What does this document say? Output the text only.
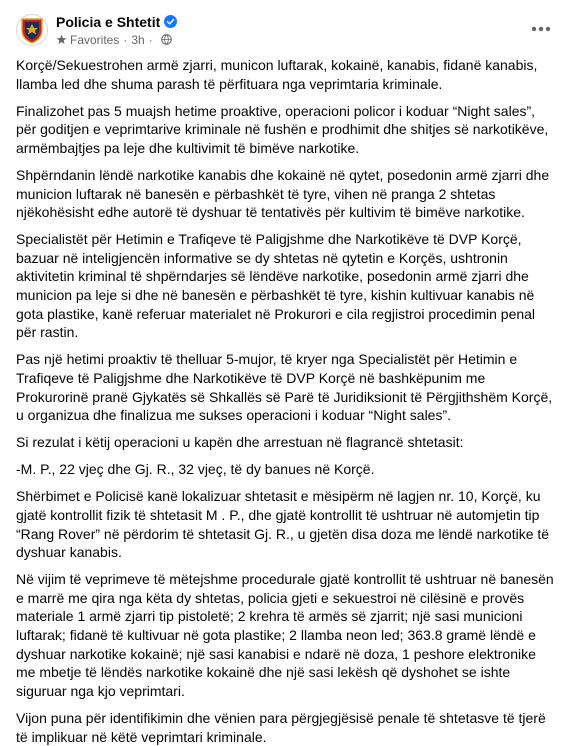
Policia e Shtetit
Favorites · 3h ·

Korçë/Sekuestrohen armë zjarri, municon luftarak, kokainë, kanabis, fidanë kanabis, llamba led dhe shuma parash të përfituara nga veprimtaria kriminale.

Finalizohet pas 5 muajsh hetime proaktive, operacioni policor i koduar “Night sales”, për goditjen e veprimtarive kriminale në fushën e prodhimit dhe shitjes së narkotikëve, armëmbajtjes pa leje dhe kultivimit të bimëve narkotike.

Shpërndanin lëndë narkotike kanabis dhe kokainë në qytet, posedonin armë zjarri dhe municion luftarak në banesën e përbashkët të tyre, vihen në pranga 2 shtetas njëkohësisht edhe autorë të dyshuar të tentativës për kultivim të bimëve narkotike.

Specialistët për Hetimin e Trafiqeve të Paligjshme dhe Narkotikëve të DVP Korçë, bazuar në inteligjencën informative se dy shtetas në qytetin e Korçës, ushtronin aktivitetin kriminal të shpërndarjes së lëndëve narkotike, posedonin armë zjarri dhe municion pa leje si dhe në banesën e përbashkët të tyre, kishin kultivuar kanabis në gota plastike, kanë referuar materialet në Prokurori e cila regjistroi procedimin penal për rastin.

Pas një hetimi proaktiv të thelluar 5-mujor, të kryer nga Specialistët për Hetimin e Trafiqeve të Paligjshme dhe Narkotikëve të DVP Korçë në bashkëpunim me Prokurorinë pranë Gjykatës së Shkallës së Parë të Juridiksionit të Përgjithshëm Korçë, u organizua dhe finalizua me sukses operacioni i koduar “Night sales”.

Si rezulat i këtij operacioni u kapën dhe arrestuan në flagrancë shtetasit:

-M. P., 22 vjeç dhe Gj. R., 32 vjeç, të dy banues në Korçë.

Shërbimet e Policisë kanë lokalizuar shtetasit e mësipërm në lagjen nr. 10, Korçë, ku gjatë kontrollit fizik të shtetasit M . P., dhe gjatë kontrollit të ushtruar në automjetin tip “Rang Rover” në përdorim të shtetasit Gj. R., u gjetën disa doza me lëndë narkotike të dyshuar kanabis.

Në vijim të veprimeve të mëtejshme procedurale gjatë kontrollit të ushtruar në banesën e marrë me qira nga këta dy shtetas, policia gjeti e sekuestroi në cilësinë e provës materiale 1 armë zjarri tip pistoletë; 2 krehra të armës së zjarrit; një sasi municioni luftarak; fidanë të kultivuar në gota plastike; 2 llamba neon led; 363.8 gramë lëndë e dyshuar narkotike kokainë; një sasi kanabisi e ndarë në doza, 1 peshore elektronike me mbetje të lëndës narkotike kokainë dhe një sasi lekësh që dyshohet se ishte siguruar nga kjo veprimtari.

Vijon puna për identifikimin dhe vënien para përgjegjësisë penale të shtetasve të tjerë të implikuar në këtë veprimtari kriminale.
